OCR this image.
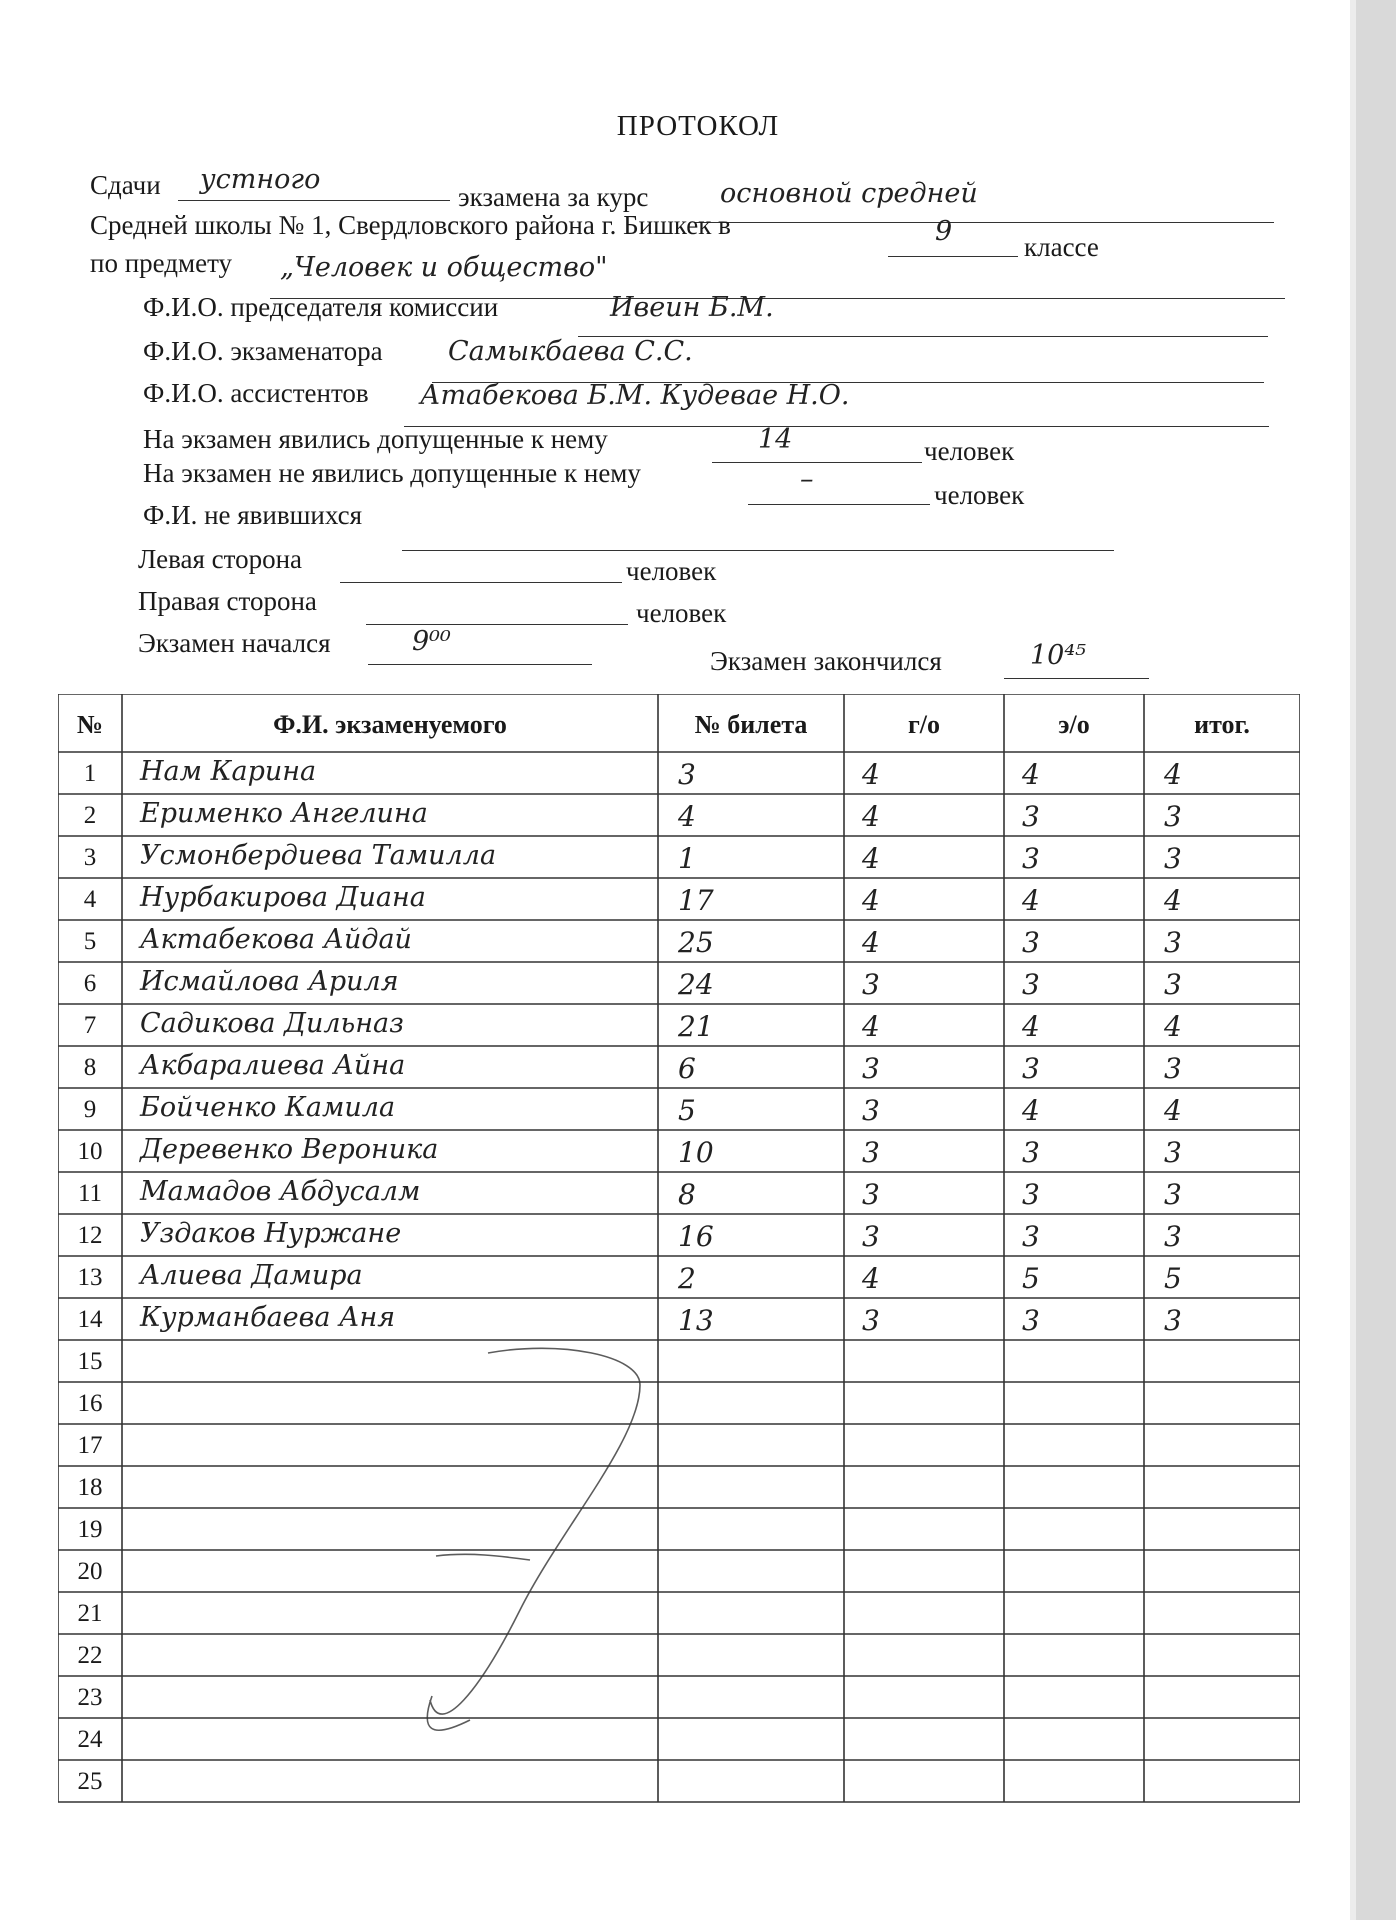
ПРОТОКОЛ
Сдачи устного
экзамена за курс	основной средней
Средней школы № 1, Свердловского района г. Бишкек в	9	классе
по предмету „Человек и общество"
Ф.И.О. председателя комиссии	Ивеин Б.М.
Ф.И.О. экзаменатора Самыкбаева С.С.
Ф.И.О. ассистентов Атабекова Б.М. Кудеваe Н.О.
На экзамен явились допущенные к нему	14	человек
На экзамен не явились допущенные к нему	–	человек
Ф.И. не явившихся
Левая сторона	человек
Правая сторона	человек
Экзамен начался	9⁰⁰
Экзамен закончился	10⁴⁵
№	Ф.И. экзаменуемого	№ билета	г/о	э/о	итог.
1	Нам Карина	3	4	4	4
2	Ерименко Ангелина	4	4	3	3
3	Усмонбердиева Тамилла	1	4	3	3
4	Нурбакирова Диана	17	4	4	4
5	Актабекова Айдай	25	4	3	3
6	Исмайлова Ариля	24	3	3	3
7	Садикова Дильназ	21	4	4	4
8	Акбаралиева Айна	6	3	3	3
9	Бойченко Камила	5	3	4	4
10	Деревенко Вероника	10	3	3	3
11	Мамадов Абдусалм	8	3	3	3
12	Уздаков Нуржане	16	3	3	3
13	Алиева Дамира	2	4	5	5
14	Курманбаева Аня	13	3	3	3
15
16
17
18
19
20
21
22
23
24
25
